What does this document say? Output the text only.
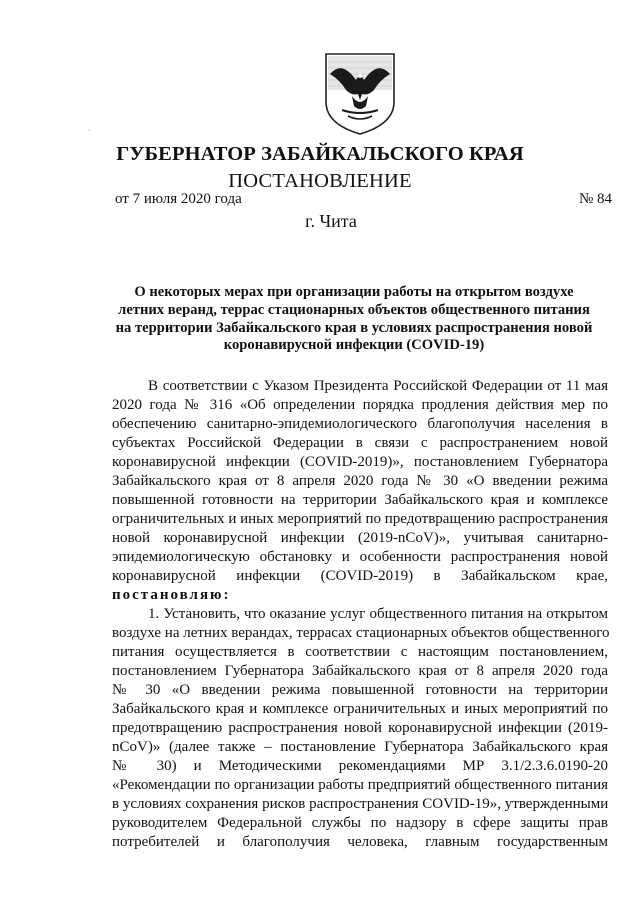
·
ГУБЕРНАТОР ЗАБАЙКАЛЬСКОГО КРАЯ
ПОСТАНОВЛЕНИЕ
от 7 июля 2020 года	№ 84
г. Чита
О некоторых мерах при организации работы на открытом воздухе летних веранд, террас стационарных объектов общественного питания на территории Забайкальского края в условиях распространения новой коронавирусной инфекции (COVID-19)
В соответствии с Указом Президента Российской Федерации от 11 мая
2020 года № 316 «Об определении порядка продления действия мер по
обеспечению санитарно-эпидемиологического благополучия населения в
субъектах Российской Федерации в связи с распространением новой
коронавирусной инфекции (COVID-2019)», постановлением Губернатора
Забайкальского края от 8 апреля 2020 года № 30 «О введении режима
повышенной готовности на территории Забайкальского края и комплексе
ограничительных и иных мероприятий по предотвращению распространения
новой коронавирусной инфекции (2019-nCoV)», учитывая санитарно-
эпидемиологическую обстановку и особенности распространения новой
коронавирусной инфекции (COVID-2019) в Забайкальском крае,
постановляю:
1. Установить, что оказание услуг общественного питания на открытом
воздухе на летних верандах, террасах стационарных объектов общественного
питания осуществляется в соответствии с настоящим постановлением,
постановлением Губернатора Забайкальского края от 8 апреля 2020 года
№ 30 «О введении режима повышенной готовности на территории
Забайкальского края и комплексе ограничительных и иных мероприятий по
предотвращению распространения новой коронавирусной инфекции (2019-
nCoV)» (далее также – постановление Губернатора Забайкальского края
№ 30) и Методическими рекомендациями МР 3.1/2.3.6.0190-20
«Рекомендации по организации работы предприятий общественного питания
в условиях сохранения рисков распространения COVID-19», утвержденными
руководителем Федеральной службы по надзору в сфере защиты прав
потребителей и благополучия человека, главным государственным
